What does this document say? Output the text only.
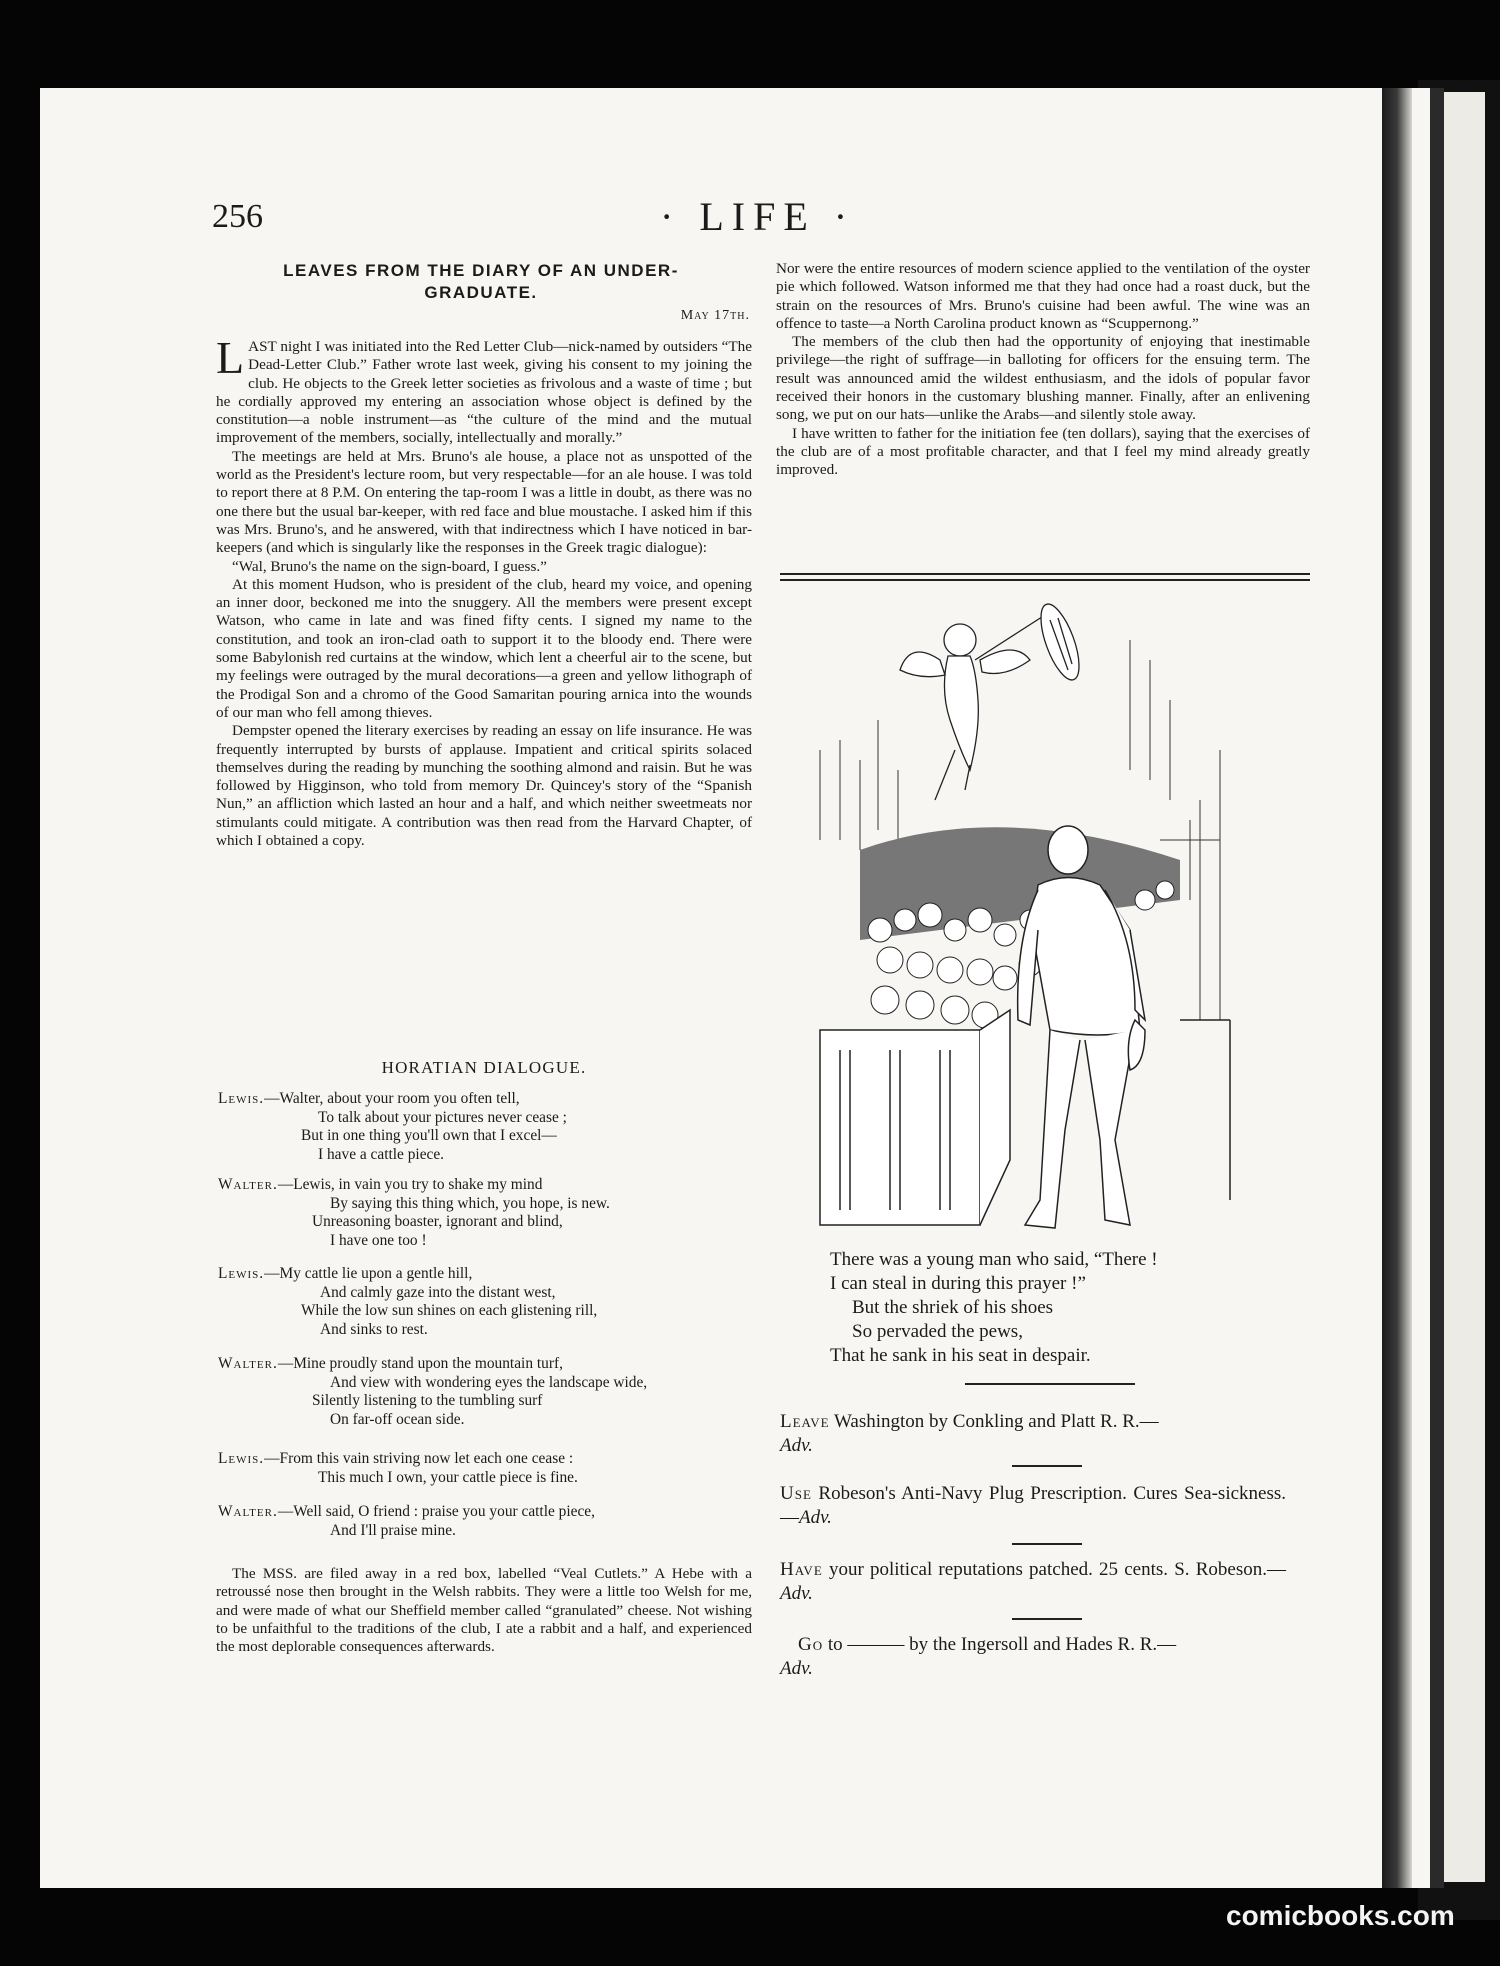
256	· LIFE ·
LEAVES FROM THE DIARY OF AN UNDER-
GRADUATE.
May 17th.

LAST night I was initiated into the Red Letter Club—nick-named by outsiders “The Dead-Letter Club.” Father wrote last week, giving his consent to my joining the club. He objects to the Greek letter societies as frivolous and a waste of time ; but he cordially approved my entering an association whose object is defined by the constitution—a noble instrument—as “the culture of the mind and the mutual improvement of the members, socially, intellectually and morally.”

The meetings are held at Mrs. Bruno's ale house, a place not as unspotted of the world as the President's lecture room, but very respectable—for an ale house. I was told to report there at 8 P.M. On entering the tap-room I was a little in doubt, as there was no one there but the usual bar-keeper, with red face and blue moustache. I asked him if this was Mrs. Bruno's, and he answered, with that indirectness which I have noticed in bar-keepers (and which is singularly like the responses in the Greek tragic dialogue):

“Wal, Bruno's the name on the sign-board, I guess.”

At this moment Hudson, who is president of the club, heard my voice, and opening an inner door, beckoned me into the snuggery. All the members were present except Watson, who came in late and was fined fifty cents. I signed my name to the constitution, and took an iron-clad oath to support it to the bloody end. There were some Babylonish red curtains at the window, which lent a cheerful air to the scene, but my feelings were outraged by the mural decorations—a green and yellow lithograph of the Prodigal Son and a chromo of the Good Samaritan pouring arnica into the wounds of our man who fell among thieves.

Dempster opened the literary exercises by reading an essay on life insurance. He was frequently interrupted by bursts of applause. Impatient and critical spirits solaced themselves during the reading by munching the soothing almond and raisin. But he was followed by Higginson, who told from memory Dr. Quincey's story of the “Spanish Nun,” an affliction which lasted an hour and a half, and which neither sweetmeats nor stimulants could mitigate. A contribution was then read from the Harvard Chapter, of which I obtained a copy.

HORATIAN DIALOGUE.
Lewis.—Walter, about your room you often tell,
To talk about your pictures never cease ;
But in one thing you'll own that I excel—
I have a cattle piece.
Walter.—Lewis, in vain you try to shake my mind
By saying this thing which, you hope, is new.
Unreasoning boaster, ignorant and blind,
I have one too !
Lewis.—My cattle lie upon a gentle hill,
And calmly gaze into the distant west,
While the low sun shines on each glistening rill,
And sinks to rest.
Walter.—Mine proudly stand upon the mountain turf,
And view with wondering eyes the landscape wide,
Silently listening to the tumbling surf
On far-off ocean side.
Lewis.—From this vain striving now let each one cease :
This much I own, your cattle piece is fine.
Walter.—Well said, O friend : praise you your cattle piece,
And I'll praise mine.

The MSS. are filed away in a red box, labelled “Veal Cutlets.” A Hebe with a retroussé nose then brought in the Welsh rabbits. They were a little too Welsh for me, and were made of what our Sheffield member called “granulated” cheese. Not wishing to be unfaithful to the traditions of the club, I ate a rabbit and a half, and experienced the most deplorable consequences afterwards.

Nor were the entire resources of modern science applied to the ventilation of the oyster pie which followed. Watson informed me that they had once had a roast duck, but the strain on the resources of Mrs. Bruno's cuisine had been awful. The wine was an offence to taste—a North Carolina product known as “Scuppernong.”

The members of the club then had the opportunity of enjoying that inestimable privilege—the right of suffrage—in balloting for officers for the ensuing term. The result was announced amid the wildest enthusiasm, and the idols of popular favor received their honors in the customary blushing manner. Finally, after an enlivening song, we put on our hats—unlike the Arabs—and silently stole away.

I have written to father for the initiation fee (ten dollars), saying that the exercises of the club are of a most profitable character, and that I feel my mind already greatly improved.

There was a young man who said, “There !
I can steal in during this prayer !”
But the shriek of his shoes
So pervaded the pews,
That he sank in his seat in despair.
Leave Washington by Conkling and Platt R. R.—
Adv.
Use Robeson's Anti-Navy Plug Prescription. Cures Sea-sickness.—Adv.
Have your political reputations patched. 25 cents. S. Robeson.—Adv.
Go to ——— by the Ingersoll and Hades R. R.—
Adv.
comicbooks.com
